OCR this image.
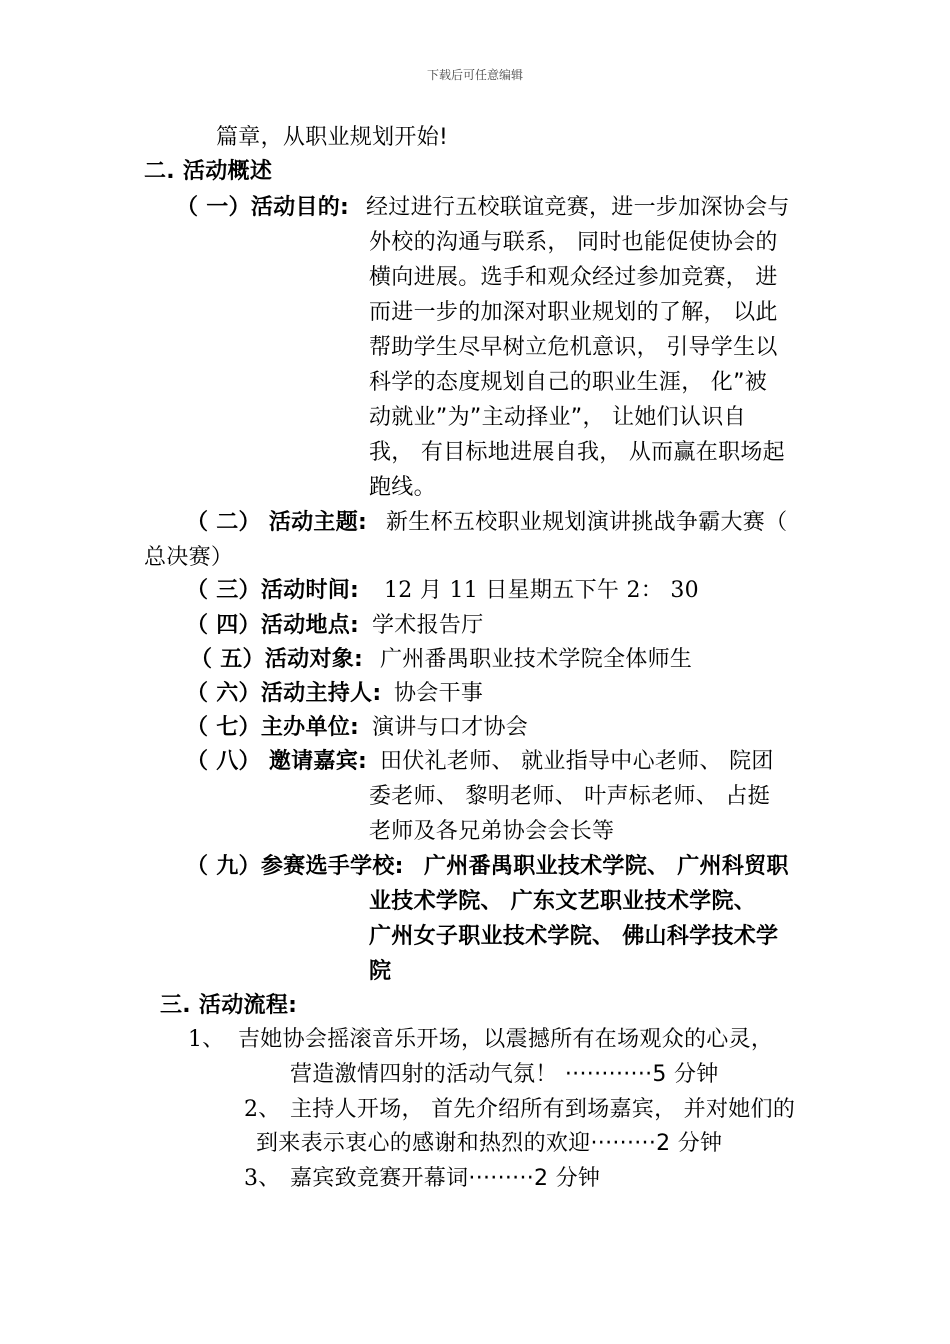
下载后可任意编辑
篇章，从职业规划开始!
二. 活动概述
（ 一）活动目的: 经过进行五校联谊竞赛，进一步加深协会与
外校的沟通与联系， 同时也能促使协会的
横向进展。选手和观众经过参加竞赛， 进
而进一步的加深对职业规划的了解， 以此
帮助学生尽早树立危机意识， 引导学生以
科学的态度规划自己的职业生涯， 化”被
动就业”为”主动择业”， 让她们认识自
我， 有目标地进展自我， 从而赢在职场起
跑线。
（ 二） 活动主题: 新生杯五校职业规划演讲挑战争霸大赛（
总决赛）
（ 三）活动时间: 12 月 11 日星期五下午 2： 30
（ 四）活动地点: 学术报告厅
（ 五）活动对象: 广州番禺职业技术学院全体师生
（ 六）活动主持人: 协会干事
（ 七）主办单位: 演讲与口才协会
（ 八） 邀请嘉宾: 田伏礼老师、 就业指导中心老师、 院团
委老师、 黎明老师、 叶声标老师、 占挺
老师及各兄弟协会会长等
（ 九）参赛选手学校: 广州番禺职业技术学院、 广州科贸职
业技术学院、 广东文艺职业技术学院、
广州女子职业技术学院、 佛山科学技术学
院
三. 活动流程:
1、 吉她协会摇滚音乐开场，以震撼所有在场观众的心灵，
营造激情四射的活动气氛！ ············5 分钟
2、 主持人开场， 首先介绍所有到场嘉宾， 并对她们的
到来表示衷心的感谢和热烈的欢迎·········2 分钟
3、 嘉宾致竞赛开幕词·········2 分钟
